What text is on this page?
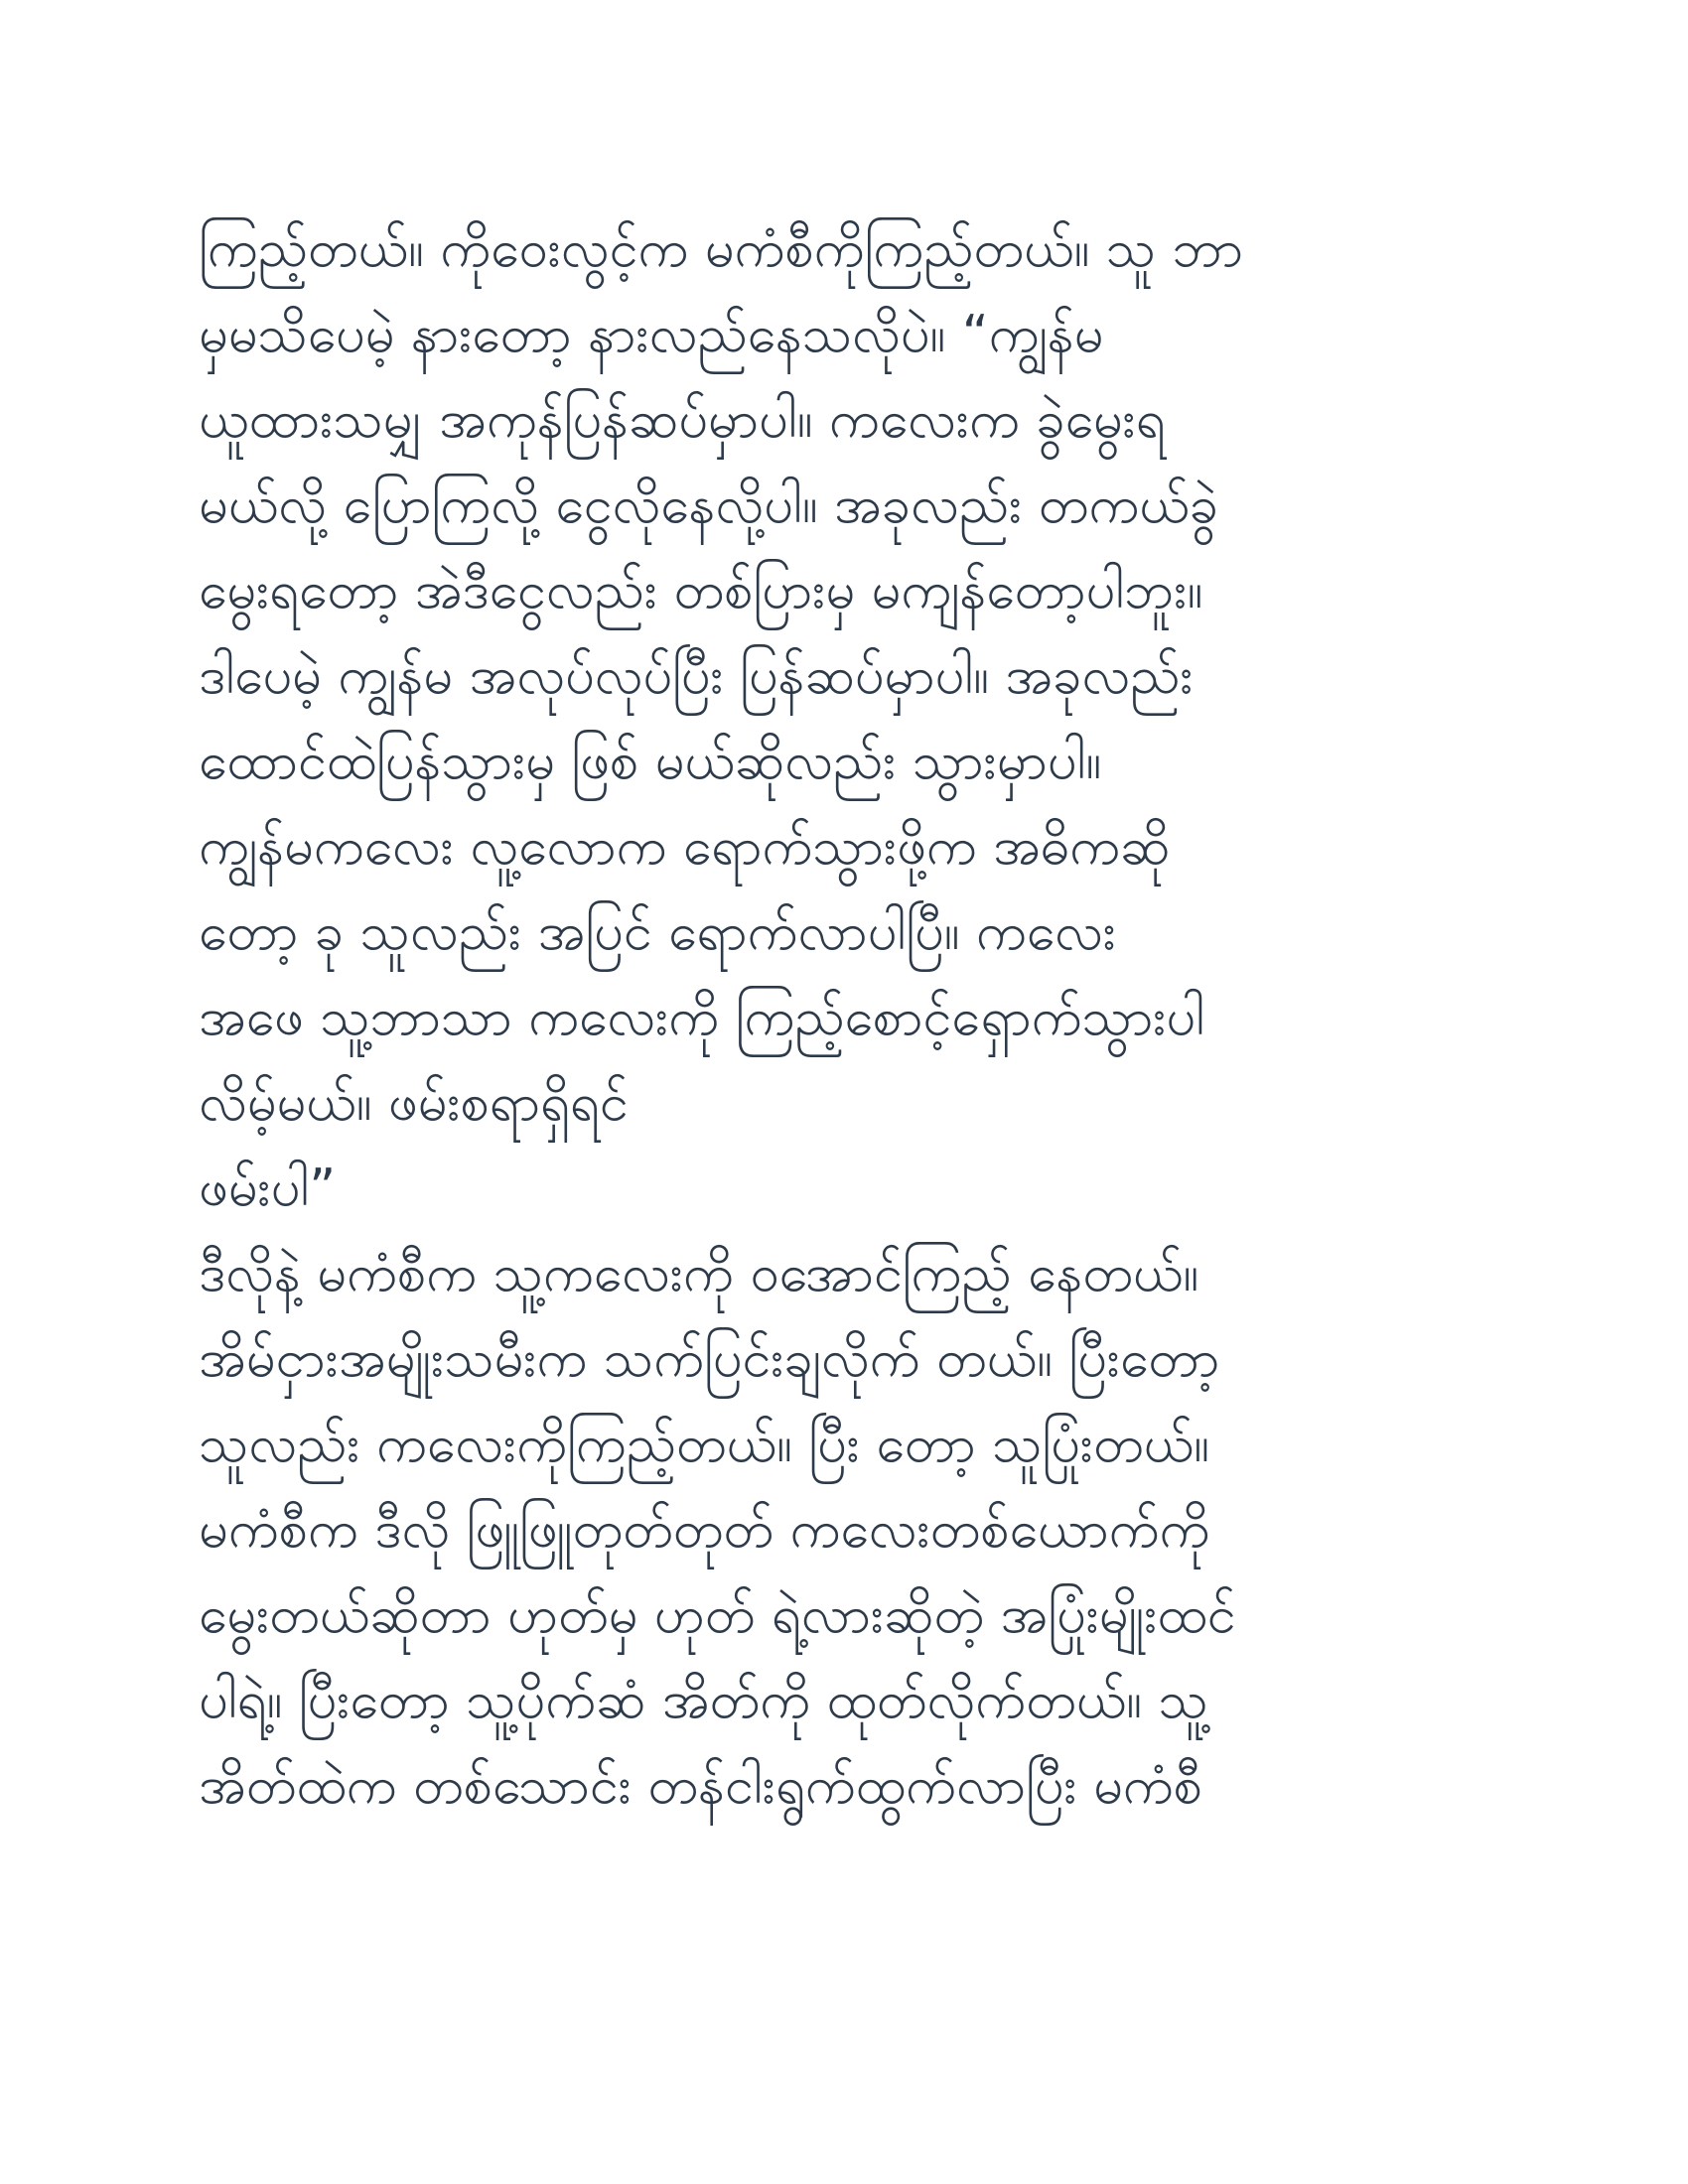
ကြည့်တယ်။ ကိုဝေးလွင့်က မကံစီကိုကြည့်တယ်။ သူ ဘာ
မှမသိပေမဲ့ နားတော့ နားလည်နေသလိုပဲ။ “ကျွန်မ
ယူထားသမျှ အကုန်ပြန်ဆပ်မှာပါ။ ကလေးက ခွဲမွေးရ
မယ်လို့ ပြောကြလို့ ငွေလိုနေလို့ပါ။ အခုလည်း တကယ်ခွဲ
မွေးရတော့ အဲဒီငွေလည်း တစ်ပြားမှ မကျန်တော့ပါဘူး။
ဒါပေမဲ့ ကျွန်မ အလုပ်လုပ်ပြီး ပြန်ဆပ်မှာပါ။ အခုလည်း
ထောင်ထဲပြန်သွားမှ ဖြစ် မယ်ဆိုလည်း သွားမှာပါ။
ကျွန်မကလေး လူ့လောက ရောက်သွားဖို့က အဓိကဆို
တော့ ခု သူလည်း အပြင် ရောက်လာပါပြီ။ ကလေး
အဖေ သူ့ဘာသာ ကလေးကို ကြည့်စောင့်ရှောက်သွားပါ
လိမ့်မယ်။ ဖမ်းစရာရှိရင်
ဖမ်းပါ”
ဒီလိုနဲ့ မကံစီက သူ့ကလေးကို ဝအောင်ကြည့် နေတယ်။
အိမ်ငှားအမျိုးသမီးက သက်ပြင်းချလိုက် တယ်။ ပြီးတော့
သူလည်း ကလေးကိုကြည့်တယ်။ ပြီး တော့ သူပြုံးတယ်။
မကံစီက ဒီလို ဖြူဖြူတုတ်တုတ် ကလေးတစ်ယောက်ကို
မွေးတယ်ဆိုတာ ဟုတ်မှ ဟုတ် ရဲ့လားဆိုတဲ့ အပြုံးမျိုးထင်
ပါရဲ့။ ပြီးတော့ သူ့ပိုက်ဆံ အိတ်ကို ထုတ်လိုက်တယ်။ သူ့
အိတ်ထဲက တစ်သောင်း တန်ငါးရွက်ထွက်လာပြီး မကံစီ
